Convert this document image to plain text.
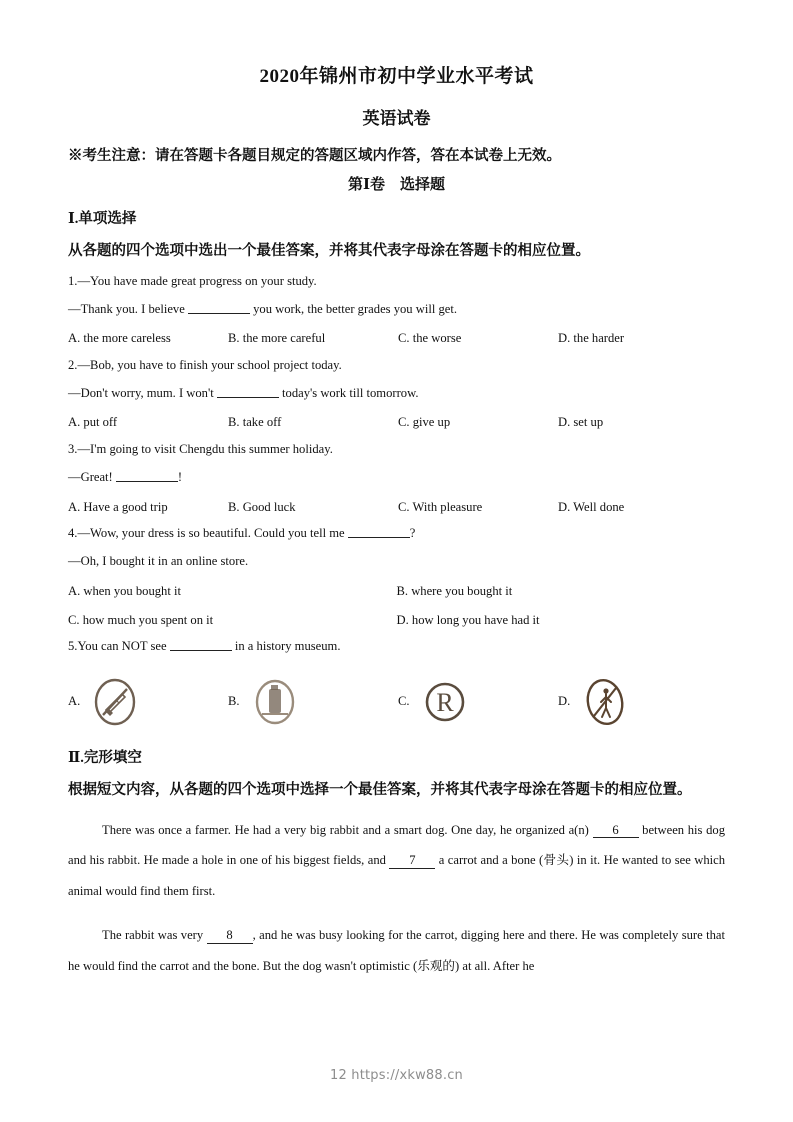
2020年锦州市初中学业水平考试
英语试卷

※考生注意：请在答题卡各题目规定的答题区域内作答，答在本试卷上无效。

第Ⅰ卷　选择题

Ⅰ.单项选择

从各题的四个选项中选出一个最佳答案，并将其代表字母涂在答题卡的相应位置。

1.—You have made great progress on your study.

—Thank you. I believe	you work, the better grades you will get.

A. the more careless	B. the more careful	C. the worse	D. the harder

2.—Bob, you have to finish your school project today.

—Don't worry, mum. I won't	today's work till tomorrow.

A. put off	B. take off	C. give up	D. set up

3.—I'm going to visit Chengdu this summer holiday.

—Great!	!

A. Have a good trip	B. Good luck	C. With pleasure	D. Well done

4.—Wow, your dress is so beautiful. Could you tell me	?

—Oh, I bought it in an online store.

A. when you bought it	B. where you bought it
C. how much you spent on it	D. how long you have had it

5.You can NOT see	in a history museum.

A.	B.	C. R	D.
Ⅱ.完形填空

根据短文内容，从各题的四个选项中选择一个最佳答案，并将其代表字母涂在答题卡的相应位置。

There was once a farmer. He had a very big rabbit and a smart dog. One day, he organized a(n) 6 between his dog and his rabbit. He made a hole in one of his biggest fields, and 7 a carrot and a bone (骨头) in it. He wanted to see which animal would find them first.

The rabbit was very 8 , and he was busy looking for the carrot, digging here and there. He was completely sure that he would find the carrot and the bone. But the dog wasn't optimistic (乐观的) at all. After he

12 https://xkw88.cn
